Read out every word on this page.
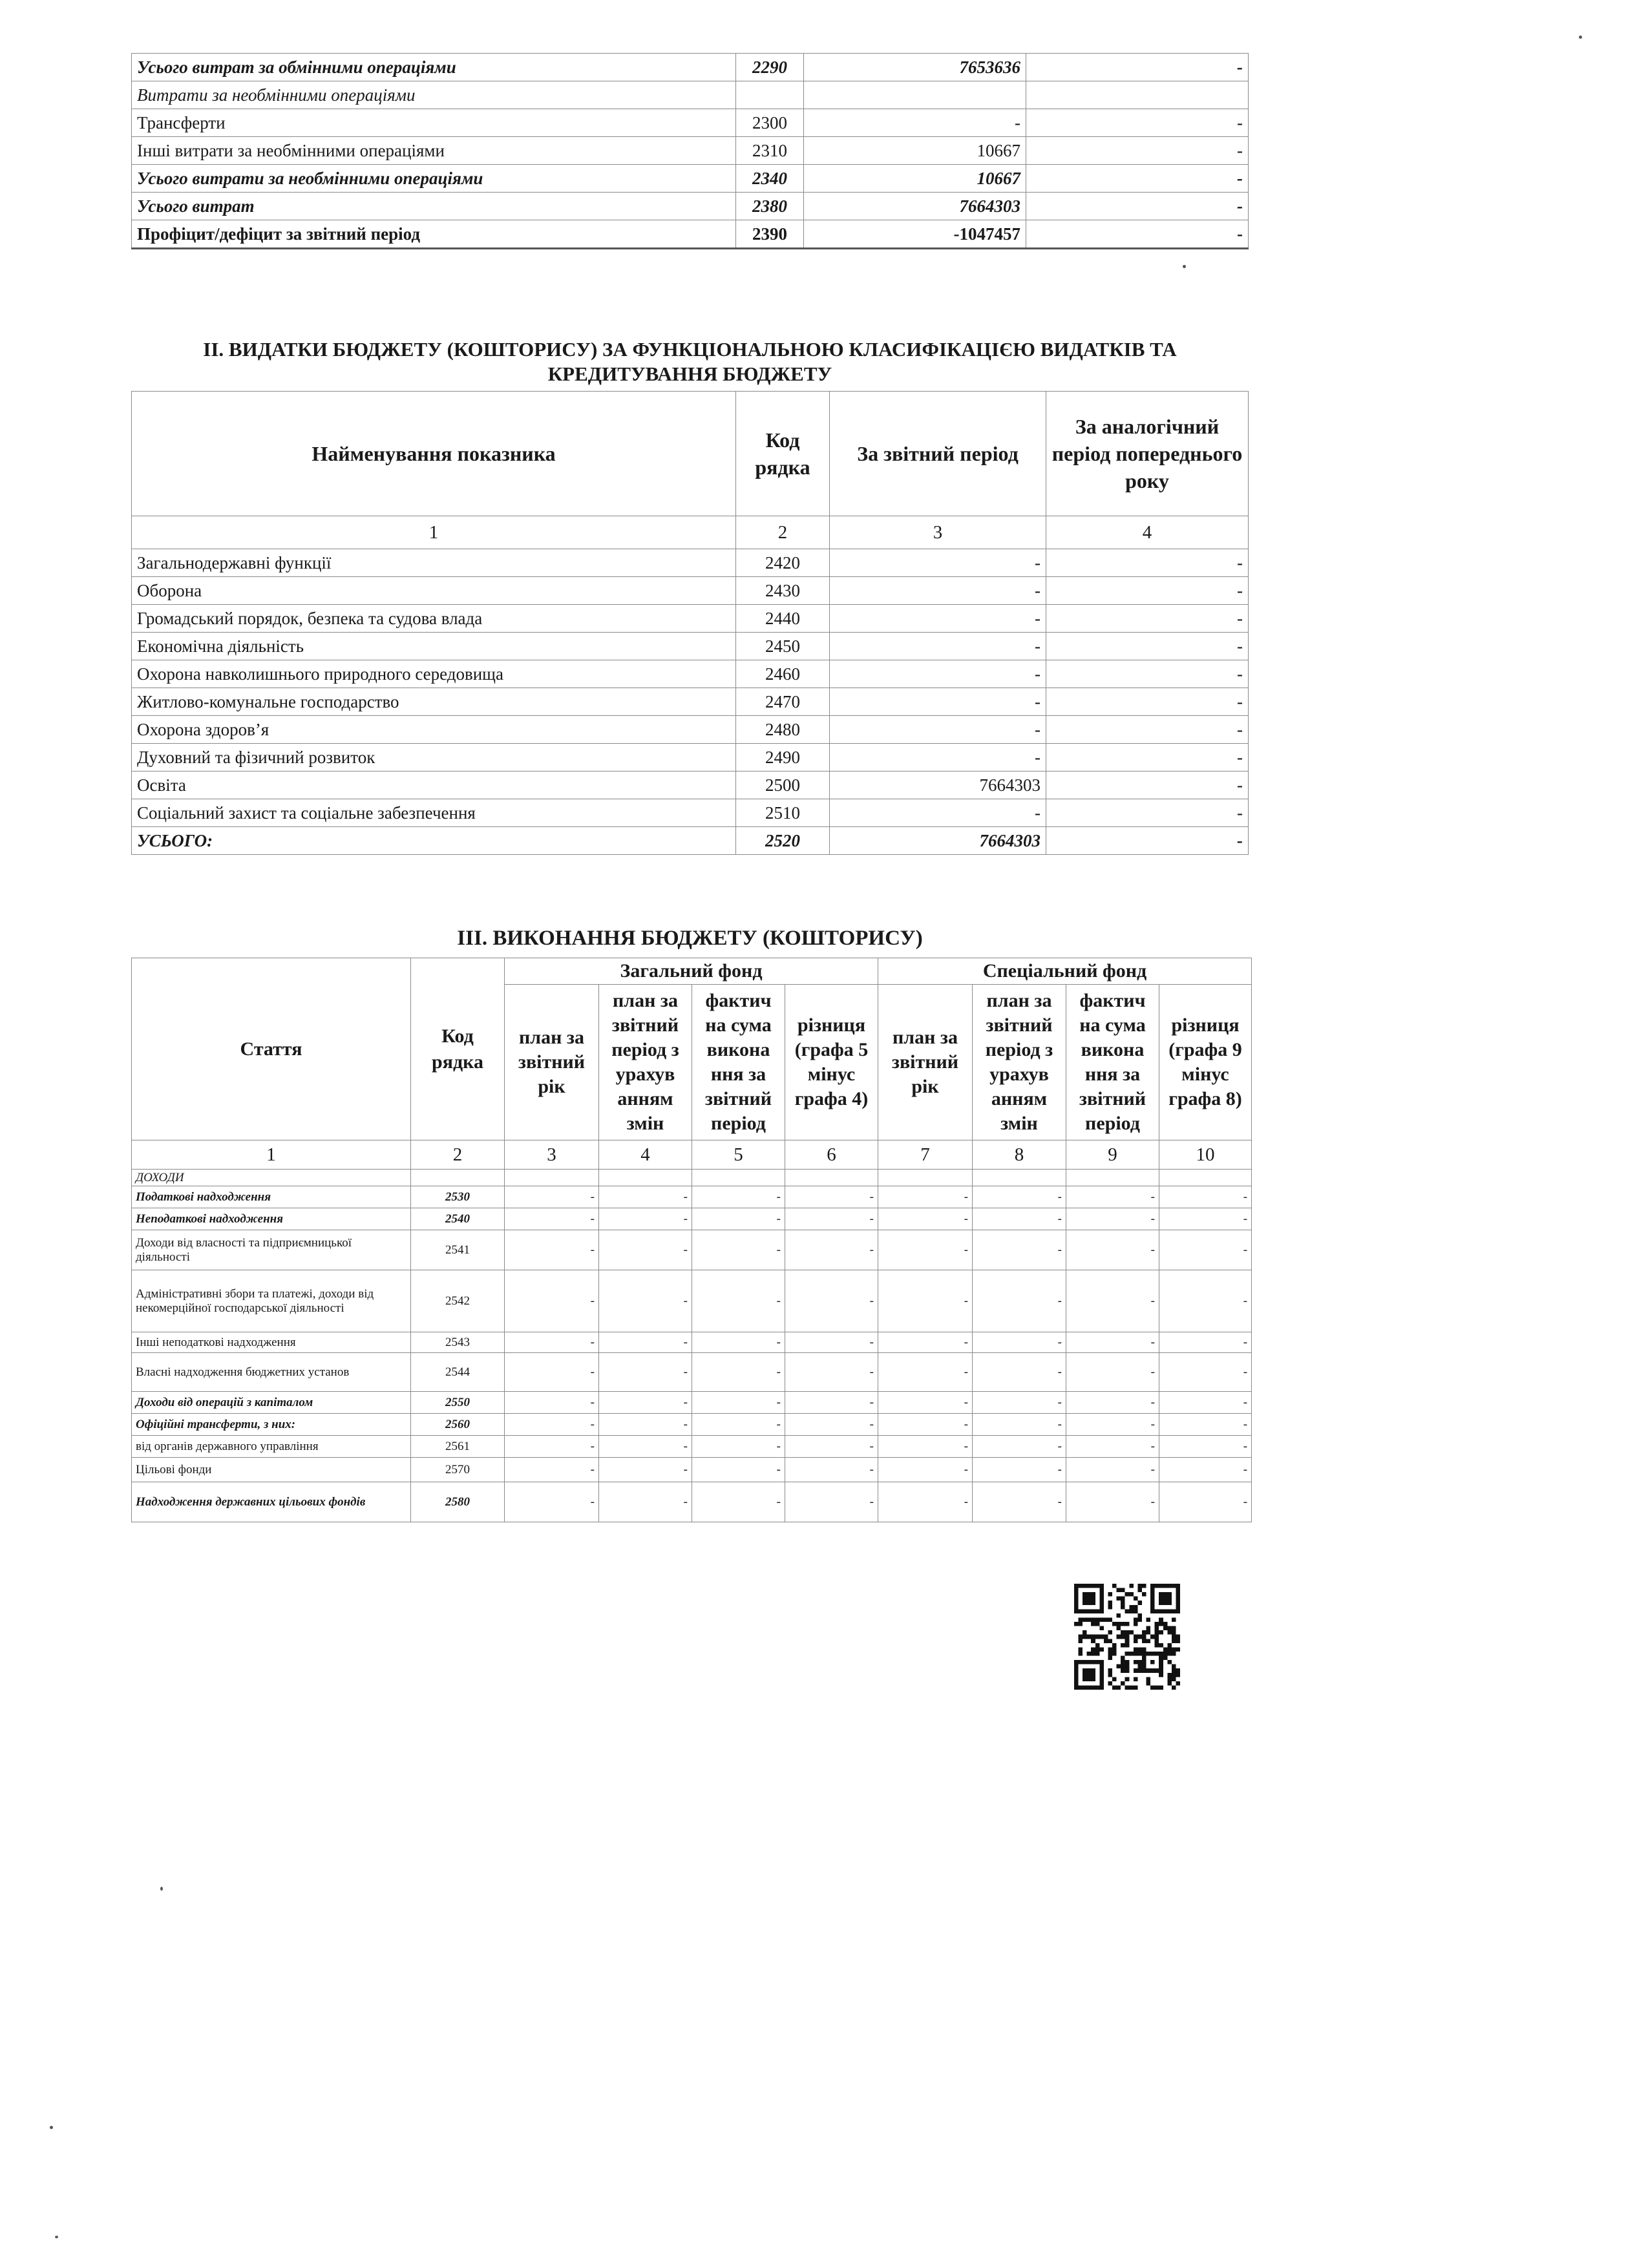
Усього витрат за обмінними операціями	2290	7653636	-
Витрати за необмінними операціями			
Трансферти	2300	-	-
Інші витрати за необмінними операціями	2310	10667	-
Усього витрати за необмінними операціями	2340	10667	-
Усього витрат	2380	7664303	-
Профіцит/дефіцит за звітний період	2390	-1047457	-
ІІ. ВИДАТКИ БЮДЖЕТУ (КОШТОРИСУ) ЗА ФУНКЦІОНАЛЬНОЮ КЛАСИФІКАЦІЄЮ ВИДАТКІВ ТА
КРЕДИТУВАННЯ БЮДЖЕТУ
Найменування показника	Код рядка	За звітний період	За аналогічний період попереднього року
1	2	3	4
Загальнодержавні функції	2420	-	-
Оборона	2430	-	-
Громадський порядок, безпека та судова влада	2440	-	-
Економічна діяльність	2450	-	-
Охорона навколишнього природного середовища	2460	-	-
Житлово-комунальне господарство	2470	-	-
Охорона здоров’я	2480	-	-
Духовний та фізичний розвиток	2490	-	-
Освіта	2500	7664303	-
Соціальний захист та соціальне забезпечення	2510	-	-
УСЬОГО:	2520	7664303	-
ІІІ. ВИКОНАННЯ БЮДЖЕТУ (КОШТОРИСУ)
Стаття	Код рядка	Загальний фонд				Спеціальний фонд			
		план за звітний рік	план за звітний період з урахув анням змін	фактич на сума викона ння за звітний період	різниця (графа 5 мінус графа 4)	план за звітний рік	план за звітний період з урахув анням змін	фактич на сума викона ння за звітний період	різниця (графа 9 мінус графа 8)
1	2	3	4	5	6	7	8	9	10
ДОХОДИ									
Податкові надходження	2530	-	-	-	-	-	-	-	-
Неподаткові надходження	2540	-	-	-	-	-	-	-	-
Доходи від власності та підприємницької діяльності	2541	-	-	-	-	-	-	-	-
Адміністративні збори та платежі, доходи від некомерційної господарської діяльності	2542	-	-	-	-	-	-	-	-
Інші неподаткові надходження	2543	-	-	-	-	-	-	-	-
Власні надходження бюджетних установ	2544	-	-	-	-	-	-	-	-
Доходи від операцій з капіталом	2550	-	-	-	-	-	-	-	-
Офіційні трансферти, з них:	2560	-	-	-	-	-	-	-	-
від органів державного управління	2561	-	-	-	-	-	-	-	-
Цільові фонди	2570	-	-	-	-	-	-	-	-
Надходження державних цільових фондів	2580	-	-	-	-	-	-	-	-
